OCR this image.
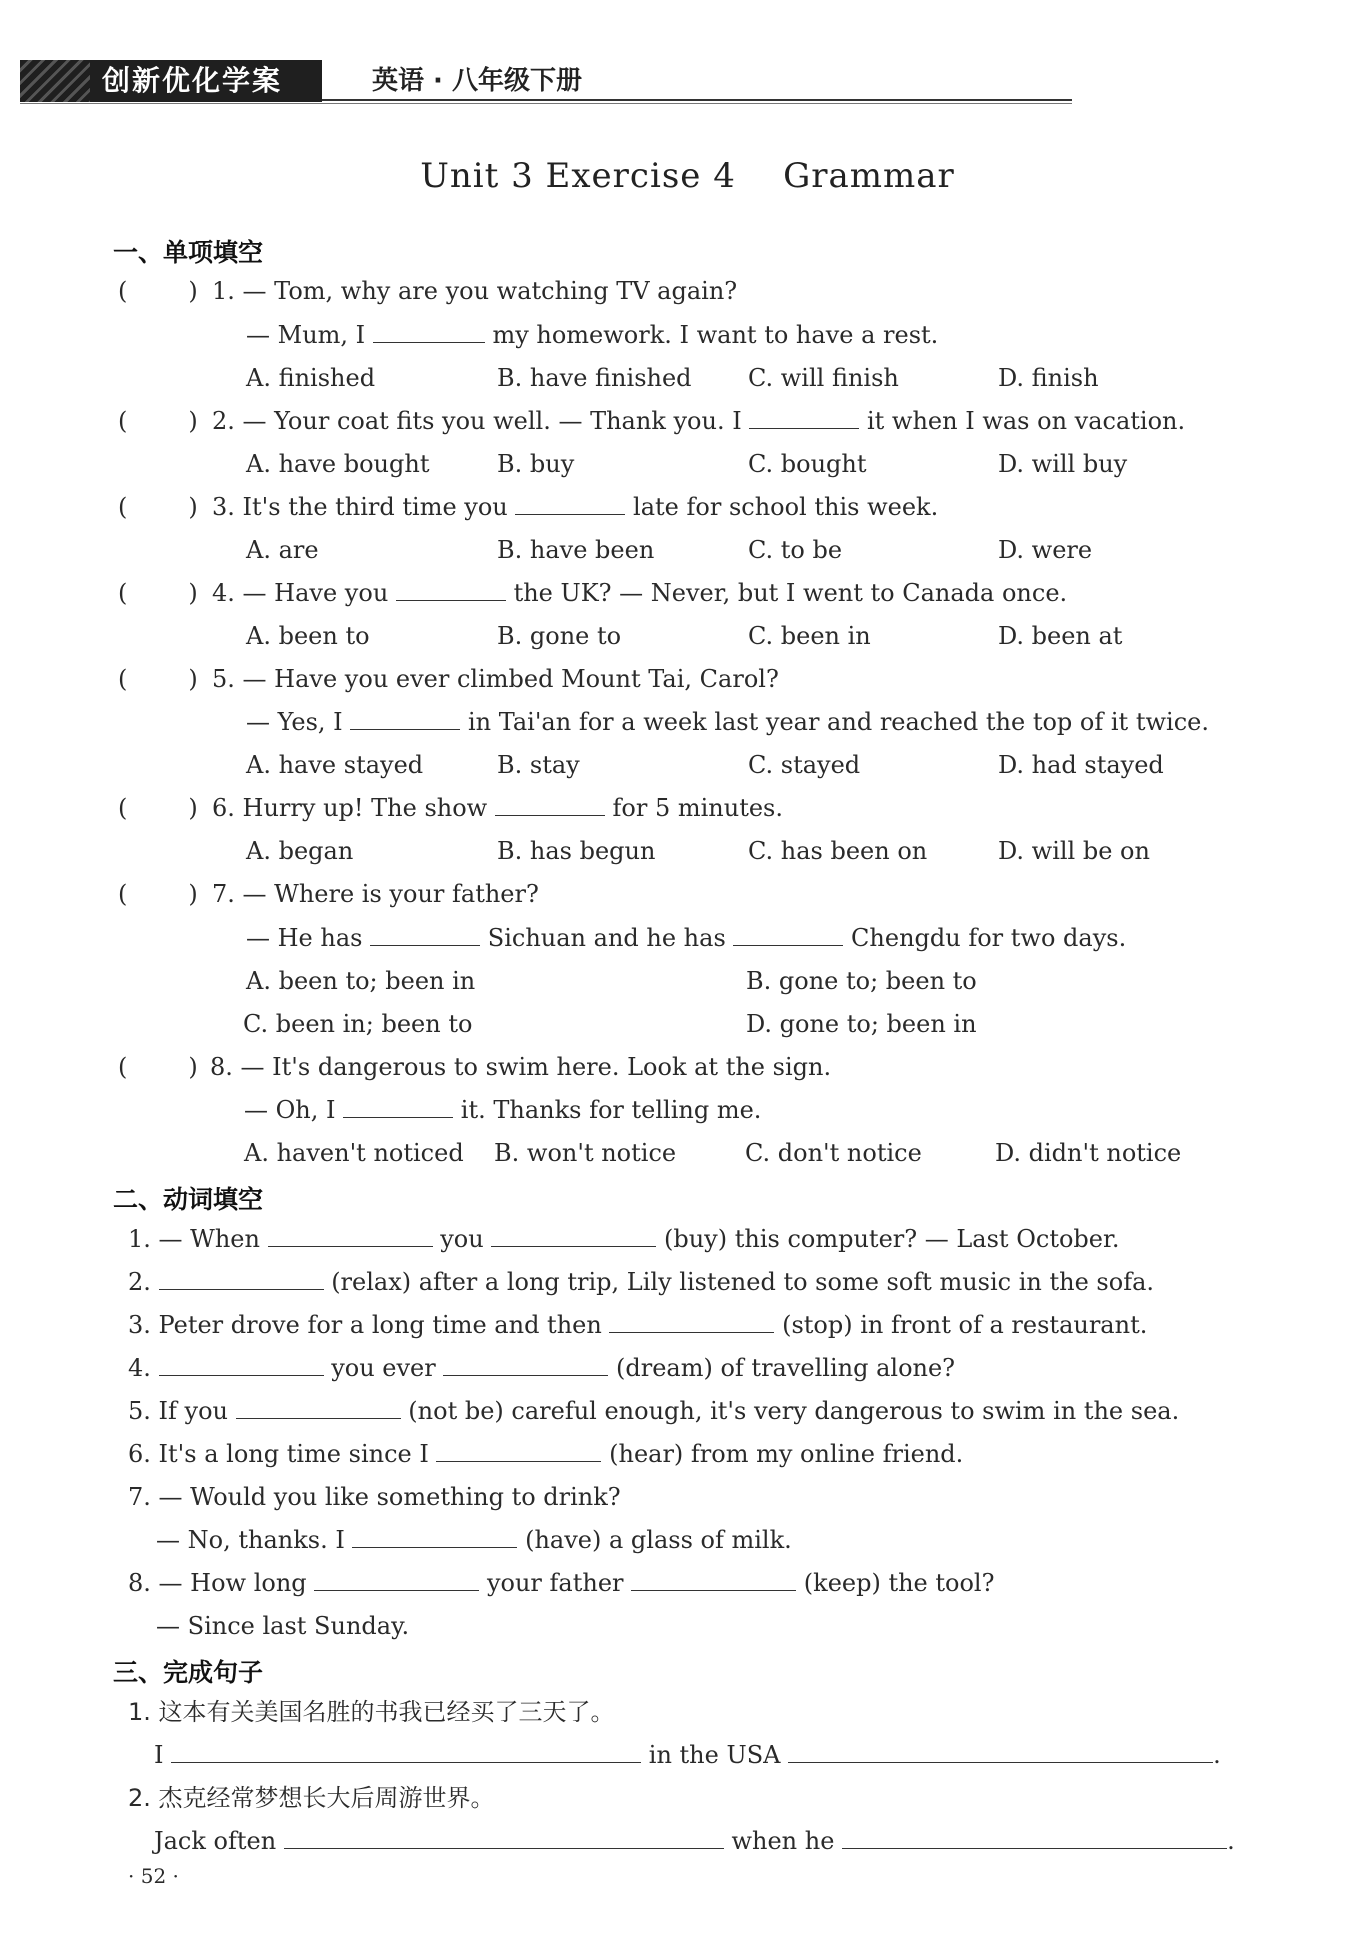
创新优化学案	英语 · 八年级下册
Unit 3 Exercise 4    Grammar
一、单项填空
(        ) 1. — Tom, why are you watching TV again?
— Mum, I	my homework. I want to have a rest.
A. finished	B. have finished C. will finish	D. finish
(        ) 2. — Your coat fits you well. — Thank you. I	it when I was on vacation.
A. have bought	B. buy	C. bought	D. will buy
(        ) 3. It's the third time you	late for school this week.
A. are	B. have been	C. to be	D. were
(        ) 4. — Have you	the UK? — Never, but I went to Canada once.
A. been to	B. gone to	C. been in	D. been at
(        ) 5. — Have you ever climbed Mount Tai, Carol?
— Yes, I	in Tai'an for a week last year and reached the top of it twice.
A. have stayed	B. stay	C. stayed	D. had stayed
(        ) 6. Hurry up! The show	for 5 minutes.
A. began	B. has begun	C. has been on	D. will be on
(        ) 7. — Where is your father?
— He has	Sichuan and he has	Chengdu for two days.
A. been to; been in	B. gone to; been to
C. been in; been to	D. gone to; been in
(        ) 8. — It's dangerous to swim here. Look at the sign.
— Oh, I	it. Thanks for telling me.
A. haven't noticed B. won't notice	C. don't notice	D. didn't notice
二、动词填空
1. — When	you	(buy) this computer? — Last October.
2.	(relax) after a long trip, Lily listened to some soft music in the sofa.
3. Peter drove for a long time and then	(stop) in front of a restaurant.
4.	you ever	(dream) of travelling alone?
5. If you	(not be) careful enough, it's very dangerous to swim in the sea.
6. It's a long time since I	(hear) from my online friend.
7. — Would you like something to drink?
— No, thanks. I	(have) a glass of milk.
8. — How long	your father	(keep) the tool?
— Since last Sunday.
三、完成句子
1. 这本有关美国名胜的书我已经买了三天了。
I	in the USA	.
2. 杰克经常梦想长大后周游世界。
Jack often	when he	.
· 52 ·
